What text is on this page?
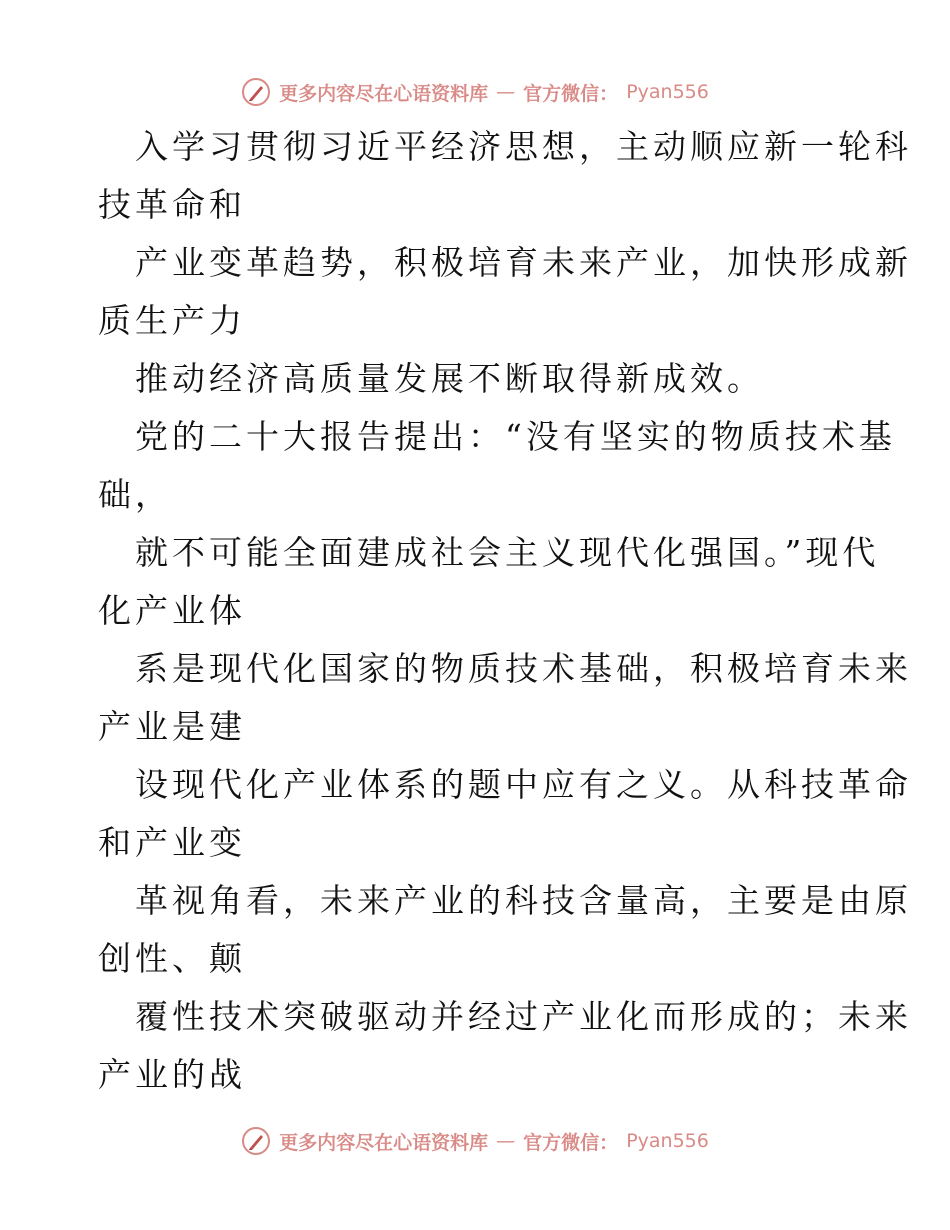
更多内容尽在心语资料库 — 官方微信： Pyan556
入学习贯彻习近平经济思想，主动顺应新一轮科
技革命和
产业变革趋势，积极培育未来产业，加快形成新
质生产力
推动经济高质量发展不断取得新成效。
党的二十大报告提出：“没有坚实的物质技术基
础，
就不可能全面建成社会主义现代化强国。”现代
化产业体
系是现代化国家的物质技术基础，积极培育未来
产业是建
设现代化产业体系的题中应有之义。从科技革命
和产业变
革视角看，未来产业的科技含量高，主要是由原
创性、颠
覆性技术突破驱动并经过产业化而形成的；未来
产业的战
更多内容尽在心语资料库 — 官方微信： Pyan556
